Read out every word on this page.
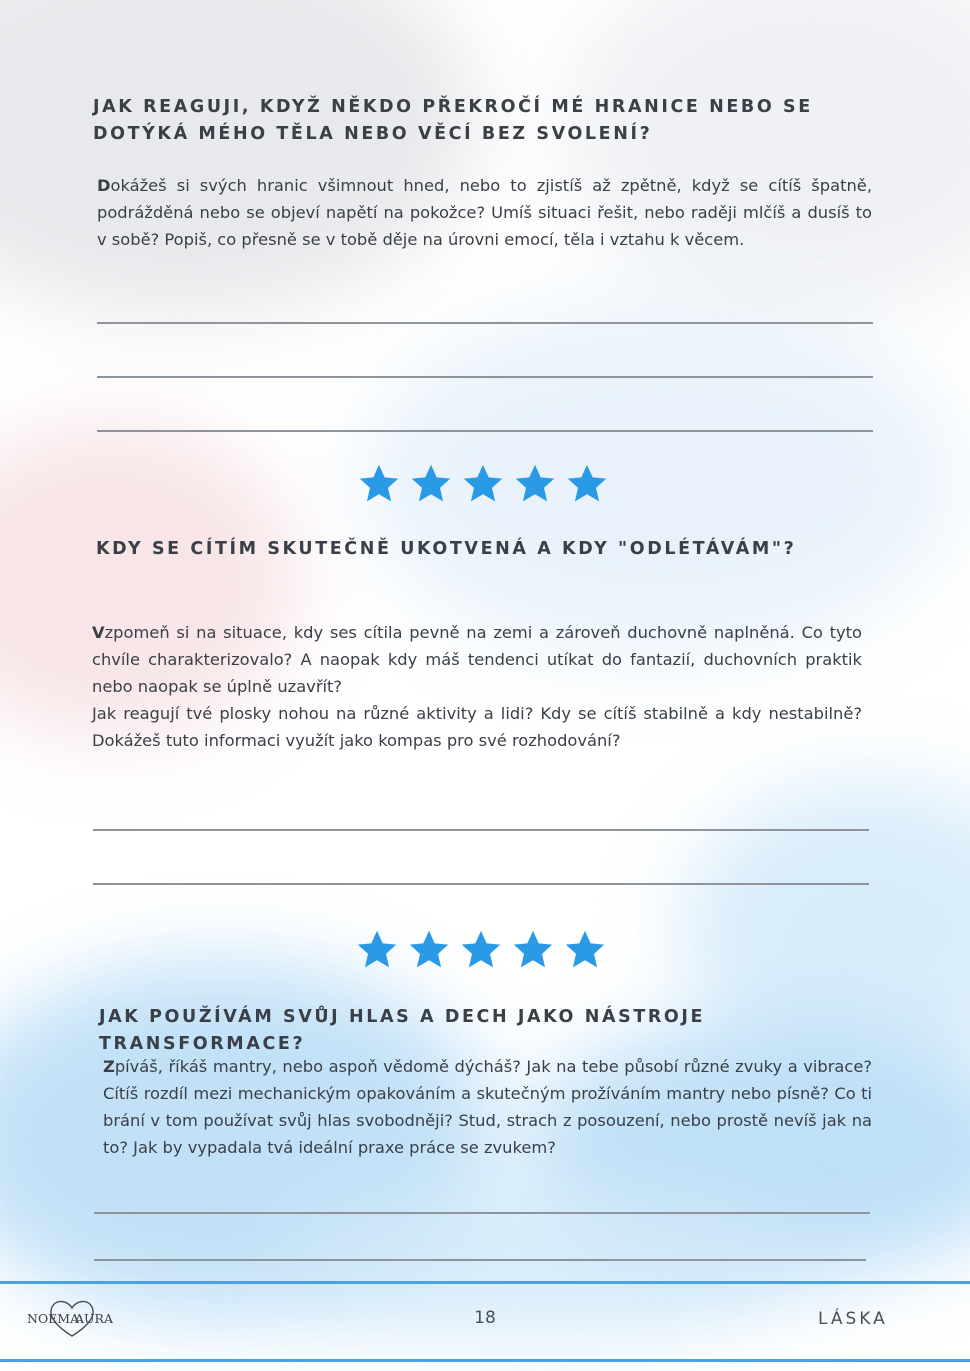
JAK REAGUJI, KDYŽ NĚKDO PŘEKROČÍ MÉ HRANICE NEBO SE DOTÝKÁ MÉHO TĚLA NEBO VĚCÍ BEZ SVOLENÍ?
Dokážeš si svých hranic všimnout hned, nebo to zjistíš až zpětně, když se cítíš špatně, podrážděná nebo se objeví napětí na pokožce? Umíš situaci řešit, nebo raději mlčíš a dusíš to v sobě? Popiš, co přesně se v tobě děje na úrovni emocí, těla i vztahu k věcem.
KDY SE CÍTÍM SKUTEČNĚ UKOTVENÁ A KDY "ODLÉTÁVÁM"?
Vzpomeň si na situace, kdy ses cítila pevně na zemi a zároveň duchovně naplněná. Co tyto chvíle charakterizovalo? A naopak kdy máš tendenci utíkat do fantazií, duchovních praktik nebo naopak se úplně uzavřít?
Jak reagují tvé plosky nohou na různé aktivity a lidi? Kdy se cítíš stabilně a kdy nestabilně? Dokážeš tuto informaci využít jako kompas pro své rozhodování?
JAK POUŽÍVÁM SVŮJ HLAS A DECH JAKO NÁSTROJE TRANSFORMACE?
Zpíváš, říkáš mantry, nebo aspoň vědomě dýcháš? Jak na tebe působí různé zvuky a vibrace? Cítíš rozdíl mezi mechanickým opakováním a skutečným prožíváním mantry nebo písně? Co ti brání v tom používat svůj hlas svobodněji? Stud, strach z posouzení, nebo prostě nevíš jak na to? Jak by vypadala tvá ideální praxe práce se zvukem?
NOEMA
AURA	18	LÁSKA
